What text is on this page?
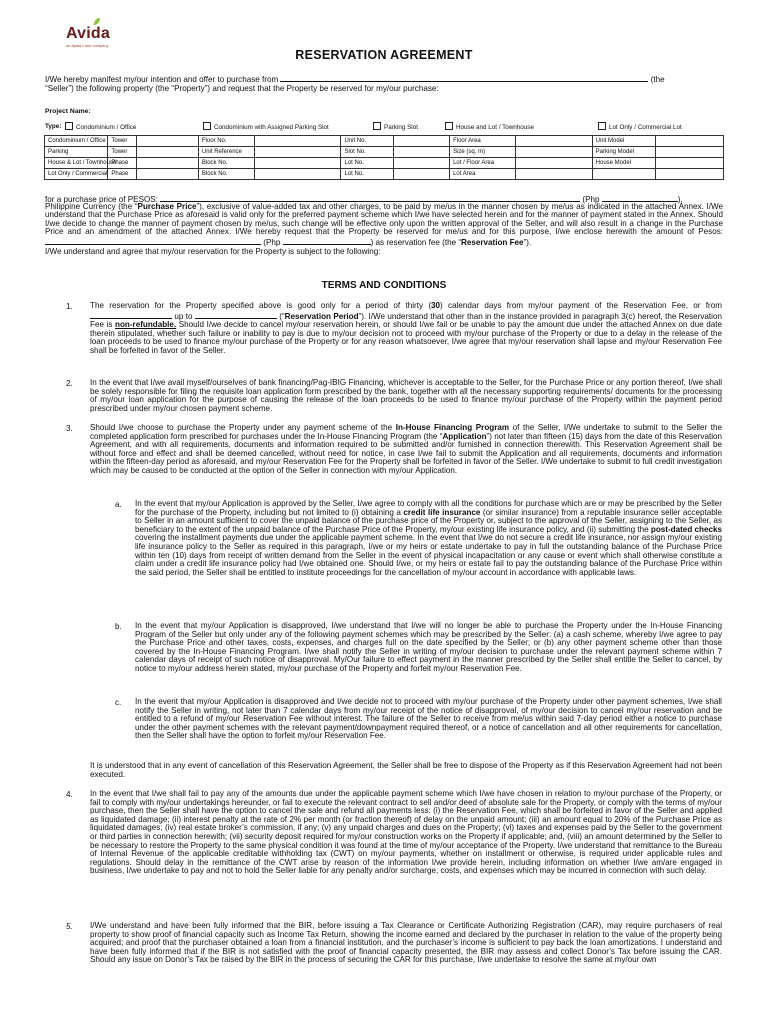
Avida
an Ayala Land company
RESERVATION AGREEMENT
I/We hereby manifest my/our intention and offer to purchase from	(the
“Seller”) the following property (the “Property”) and request that the Property be reserved for my/our purchase:
Project Name:
Type:	Condominium / Office	Condominium with Assigned Parking Slot	Parking Slot	House and Lot / Townhouse	Lot Only / Commercial Lot
Condominium / Office	Tower		Floor No.		Unit No.		Floor Area		Unit Model	
Parking	Tower		Unit Reference		Slot No.		Size (sq. m)		Parking Model	
House & Lot / Townhouse	Phase		Block No.		Lot No.		Lot / Floor Area		House Model	
Lot Only / Commercial	Phase		Block No.		Lot No.		Lot Area			
for a purchase price of PESOS:	(Php	),
Philippine Currency (the “Purchase Price”), exclusive of value-added tax and other charges, to be paid by me/us in the manner chosen by me/us as indicated in the attached Annex. I/We understand that the Purchase Price as aforesaid is valid only for the preferred payment scheme which I/we have selected herein and for the manner of payment stated in the Annex. Should I/we decide to change the manner of payment chosen by me/us, such change will be effective only upon the written approval of the Seller, and will also result in a change in the Purchase Price and an amendment of the attached Annex. I/We hereby request that the Property be reserved for me/us and for this purpose, I/we enclose herewith the amount of Pesos:  (Php	) as reservation fee (the “Reservation Fee”).
I/We understand and agree that my/our reservation for the Property is subject to the following:
TERMS AND CONDITIONS
1. The reservation for the Property specified above is good only for a period of thirty (30) calendar days from my/our payment of the Reservation Fee, or from  up to	(“Reservation Period”). I/We understand that other than in the instance provided in paragraph 3(c) hereof, the Reservation Fee is non-refundable. Should I/we decide to cancel my/our reservation herein, or should I/we fail or be unable to pay the amount due under the attached Annex on due date therein stipulated, whether such failure or inability to pay is due to my/our decision not to proceed with my/our purchase of the Property or due to a delay in the release of the loan proceeds to be used to finance my/our purchase of the Property or for any reason whatsoever, I/we agree that my/our reservation shall lapse and my/our Reservation Fee shall be forfeited in favor of the Seller.
2. In the event that I/we avail myself/ourselves of bank financing/Pag-IBIG Financing, whichever is acceptable to the Seller, for the Purchase Price or any portion thereof, I/we shall be solely responsible for filing the requisite loan application form prescribed by the bank, together with all the necessary supporting requirements/ documents for the processing of my/our loan application for the purpose of causing the release of the loan proceeds to be used to finance my/our purchase of the Property within the payment period prescribed under my/our chosen payment scheme.
3. Should I/we choose to purchase the Property under any payment scheme of the In-House Financing Program of the Seller, I/We undertake to submit to the Seller the completed application form prescribed for purchases under the In-House Financing Program (the “Application”) not later than fifteen (15) days from the date of this Reservation Agreement, and with all requirements, documents and information required to be submitted and/or furnished in connection therewith. This Reservation Agreement shall be without force and effect and shall be deemed cancelled, without need for notice, in case I/we fail to submit the Application and all requirements, documents and information within the fifteen-day period as aforesaid, and my/our Reservation Fee for the Property shall be forfeited in favor of the Seller. I/We undertake to submit to full credit investigation which may be caused to be conducted at the option of the Seller in connection with my/our Application.
a. In the event that my/our Application is approved by the Seller, I/we agree to comply with all the conditions for purchase which are or may be prescribed by the Seller for the purchase of the Property, including but not limited to (i) obtaining a credit life insurance (or similar insurance) from a reputable insurance seller acceptable to Seller in an amount sufficient to cover the unpaid balance of the purchase price of the Property or, subject to the approval of the Seller, assigning to the Seller, as beneficiary to the extent of the unpaid balance of the Purchase Price of the Property, my/our existing life insurance policy, and (ii) submitting the post-dated checks covering the installment payments due under the applicable payment scheme. In the event that I/we do not secure a credit life insurance, nor assign my/our existing life insurance policy to the Seller as required in this paragraph, I/we or my heirs or estate undertake to pay in full the outstanding balance of the Purchase Price within ten (10) days from receipt of written demand from the Seller in the event of physical incapacitation or any cause or event which shall otherwise constitute a claim under a credit life insurance policy had I/we obtained one. Should I/we, or my heirs or estate fail to pay the outstanding balance of the Purchase Price within the said period, the Seller shall be entitled to institute proceedings for the cancellation of my/our account in accordance with applicable laws.
b. In the event that my/our Application is disapproved, I/we understand that I/we will no longer be able to purchase the Property under the In-House Financing Program of the Seller but only under any of the following payment schemes which may be prescribed by the Seller: (a) a cash scheme, whereby I/we agree to pay the Purchase Price and other taxes, costs, expenses, and charges full on the date specified by the Seller; or (b) any other payment scheme other than those covered by the In-House Financing Program. I/we shall notify the Seller in writing of my/our decision to purchase under the relevant payment scheme within 7 calendar days of receipt of such notice of disapproval. My/Our failure to effect payment in the manner prescribed by the Seller shall entitle the Seller to cancel, by notice to my/our address herein stated, my/our purchase of the Property and forfeit my/our Reservation Fee.
c. In the event that my/our Application is disapproved and I/we decide not to proceed with my/our purchase of the Property under other payment schemes, I/we shall notify the Seller in writing, not later than 7 calendar days from my/our receipt of the notice of disapproval, of my/our decision to cancel my/our reservation and be entitled to a refund of my/our Reservation Fee without interest. The failure of the Seller to receive from me/us within said 7-day period either a notice to purchase under the other payment schemes with the relevant payment/downpayment required thereof, or a notice of cancellation and all other requirements for cancellation, then the Seller shall have the option to forfeit my/our Reservation Fee.
It is understood that in any event of cancellation of this Reservation Agreement, the Seller shall be free to dispose of the Property as if this Reservation Agreement had not been executed.
4. In the event that I/we shall fail to pay any of the amounts due under the applicable payment scheme which I/we have chosen in relation to my/our purchase of the Property, or fail to comply with my/our undertakings hereunder, or fail to execute the relevant contract to sell and/or deed of absolute sale for the Property, or comply with the terms of my/our purchase, then the Seller shall have the option to cancel the sale and refund all payments less: (i) the Reservation Fee, which shall be forfeited in favor of the Seller and applied as liquidated damage; (ii) interest penalty at the rate of 2% per month (or fraction thereof) of delay on the unpaid amount; (iii) an amount equal to 20% of the Purchase Price as liquidated damages; (iv) real estate broker’s commission, if any; (v) any unpaid charges and dues on the Property; (vi) taxes and expenses paid by the Seller to the government or third parties in connection herewith; (vii) security deposit required for my/our construction works on the Property if applicable; and, (viii) an amount determined by the Seller to be necessary to restore the Property to the same physical condition it was found at the time of my/our acceptance of the Property. I/we understand that remittance to the Bureau of Internal Revenue of the applicable creditable withholding tax (CWT) on my/our payments, whether on installment or otherwise, is required under applicable rules and regulations. Should delay in the remittance of the CWT arise by reason of the information I/we provide herein, including information on whether I/we am/are engaged in business, I/we undertake to pay and not to hold the Seller liable for any penalty and/or surcharge, costs, and expenses which may be incurred in connection with such delay.
5. I/We understand and have been fully informed that the BIR, before issuing a Tax Clearance or Certificate Authorizing Registration (CAR), may require purchasers of real property to show proof of financial capacity such as Income Tax Return, showing the income earned and declared by the purchaser in relation to the value of the property being acquired; and proof that the purchaser obtained a loan from a financial institution, and the purchaser’s income is sufficient to pay back the loan amortizations. I understand and have been fully informed that if the BIR is not satisfied with the proof of financial capacity presented, the BIR may assess and collect Donor’s Tax before issuing the CAR. Should any issue on Donor’s Tax be raised by the BIR in the process of securing the CAR for this purchase, I/we undertake to resolve the same at my/our own
